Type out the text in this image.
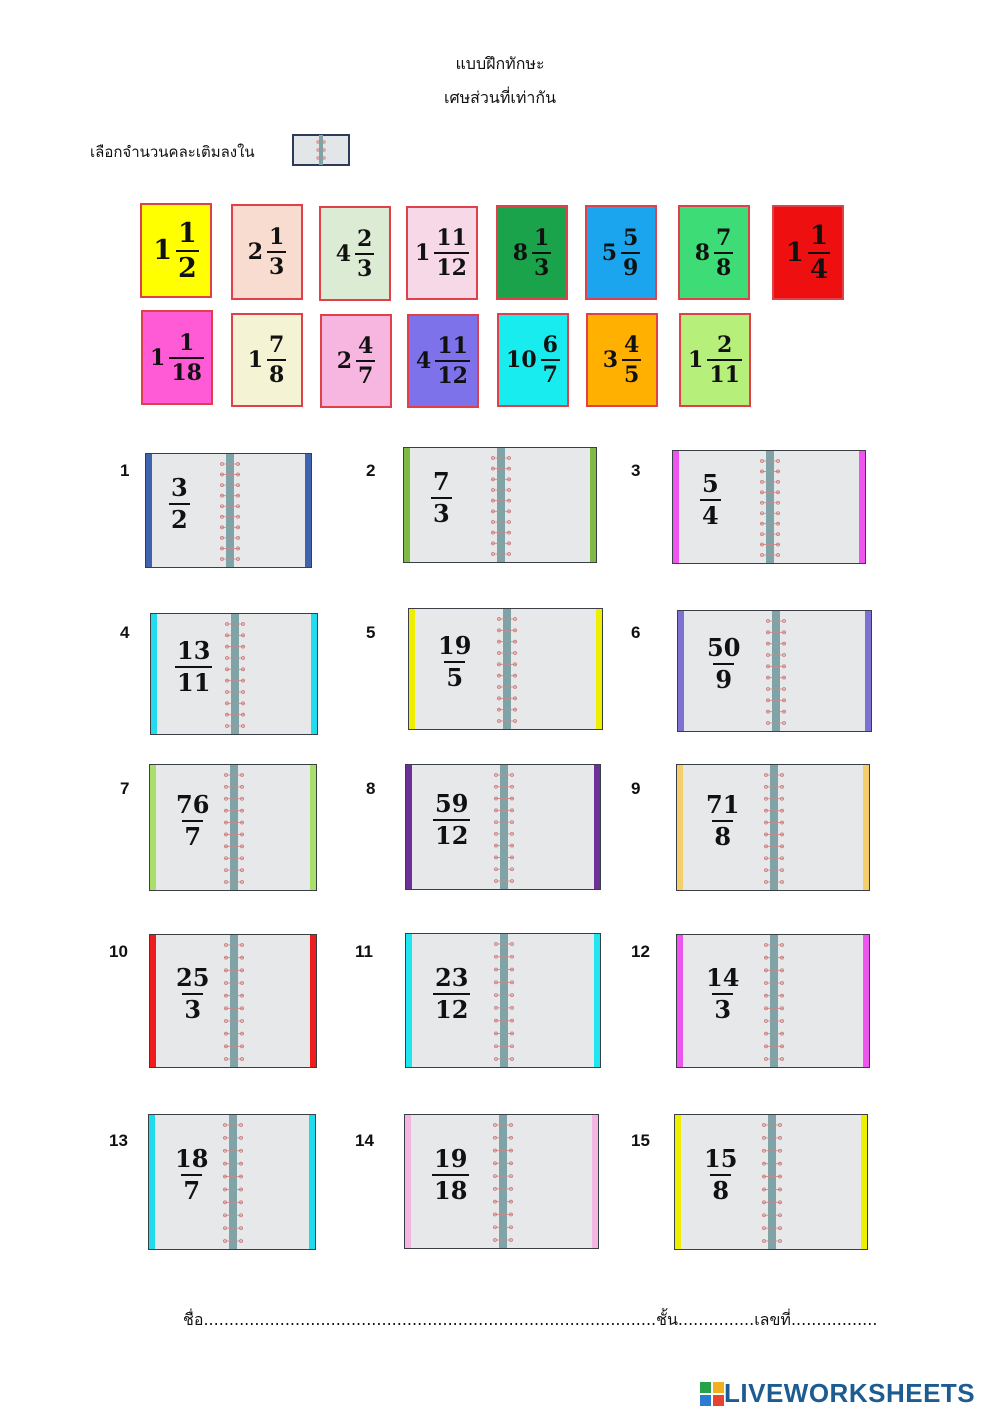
แบบฝึกทักษะ
เศษส่วนที่เท่ากัน
เลือกจำนวนคละเติมลงใน
$1 \frac{1}{2} 2 \frac{1}{3} 4 \frac{2}{3} 1 \frac{11}{12} 8 \frac{1}{3} 5 \frac{5}{9} 8 \frac{7}{8} 1 \frac{1}{4}$
$1 \frac{1}{18} 1 \frac{7}{8} 2 \frac{4}{7} 4 \frac{11}{12} 10 \frac{6}{7} 3 \frac{4}{5} 1 \frac{2}{11}$
1
$\frac{3}{2}$
$2 \frac{7}{3}$	3
$\frac{5}{4}$
4
$\frac{13}{11}$
5
$\frac{19}{5}$
6
$\frac{50}{9}$
7
$\frac{76}{7}$
8
$\frac{59}{12}$
9
$\frac{71}{8}$
10
$\frac{25}{3}$
11
$\frac{23}{12}$
12
$\frac{14}{3}$
13
$\frac{18}{7}$
14
$\frac{19}{18}$
15
$\frac{15}{8}$
ชื่อ.........................................................................................ชั้น...............เลขที่.................
LIVEWORKSHEETS
